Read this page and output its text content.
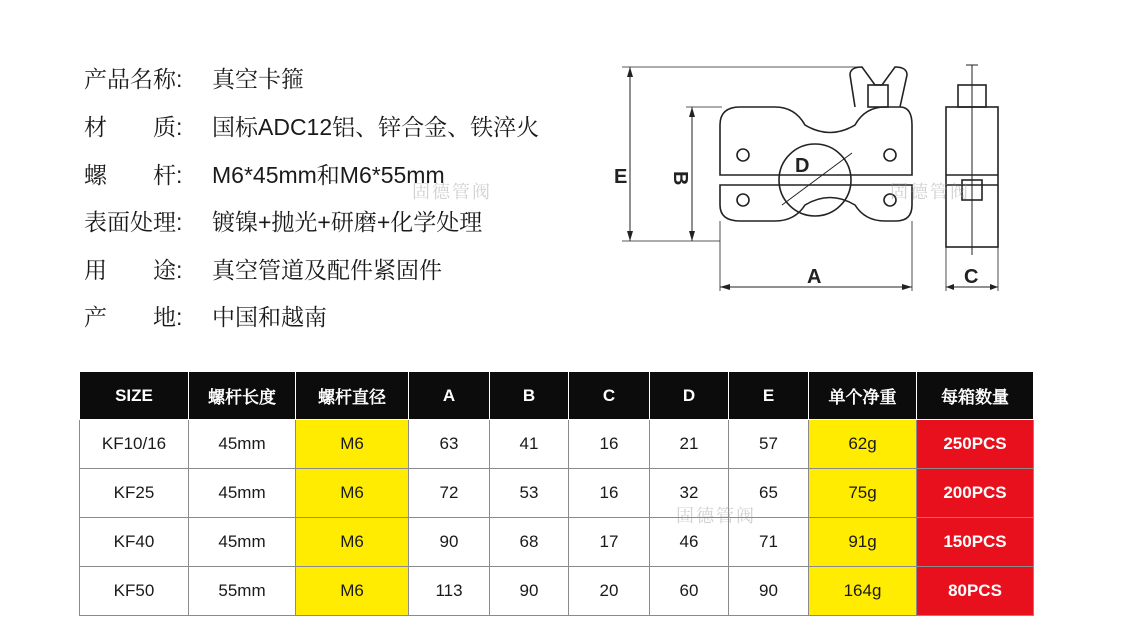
产品名称: 真空卡箍
材　　质: 国标ADC12铝、锌合金、铁淬火
螺　　杆: M6*45mm和M6*55mm
表面处理: 镀镍+抛光+研磨+化学处理
用　　途: 真空管道及配件紧固件
产　　地: 中国和越南
E B
D
A	C
固德管阀	固德管阀
SIZE	螺杆长度	螺杆直径	A	B	C	D	E	单个净重	每箱数量
KF10/16	45mm	M6	63	41	16	21	57	62g	250PCS
KF25	45mm	M6	72	53	16	32	65	75g	200PCS
KF40	45mm	M6	90	68	17	46	71	91g	150PCS
KF50	55mm	M6	113	90	20	60	90	164g	80PCS
固德管阀
